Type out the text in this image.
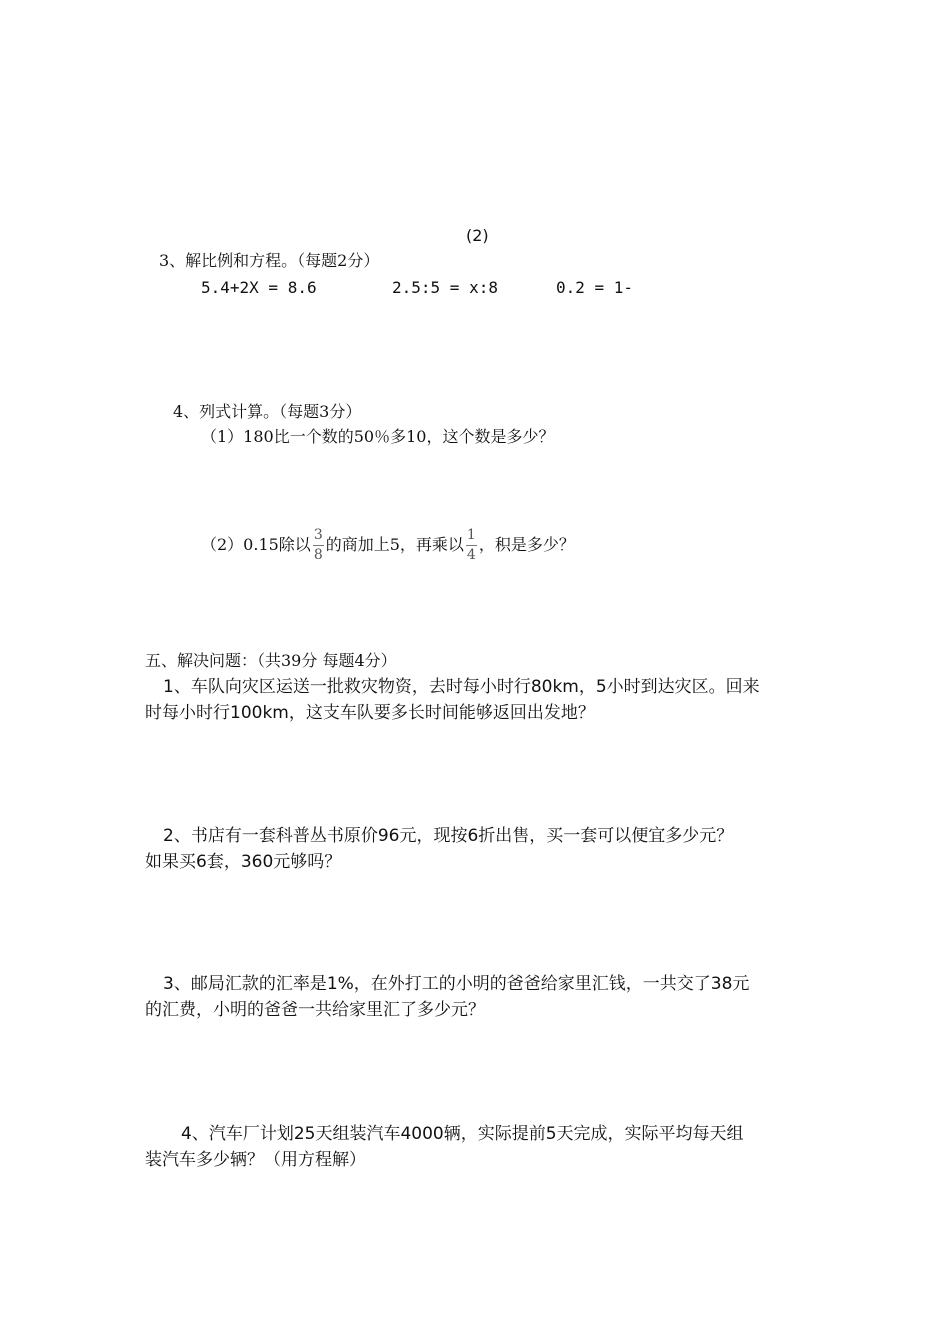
(2)
3、解比例和方程。（每题2分）
5.4+2X = 8.6	2.5:5 = x:8	0.2 = 1-
4、列式计算。（每题3分）
（1）180比一个数的50％多10，这个数是多少？
（2）0.15除以 $\frac{3}{8}$ 的商加上5，再乘以 $\frac{1}{4}$ ，积是多少？
五、解决问题：（共39分 每题4分）
1、车队向灾区运送一批救灾物资，去时每小时行80km，5小时到达灾区。回来
时每小时行100km，这支车队要多长时间能够返回出发地？
2、书店有一套科普丛书原价96元，现按6折出售，买一套可以便宜多少元？
如果买6套，360元够吗？
3、邮局汇款的汇率是1%，在外打工的小明的爸爸给家里汇钱，一共交了38元
的汇费，小明的爸爸一共给家里汇了多少元？
4、汽车厂计划25天组装汽车4000辆，实际提前5天完成，实际平均每天组
装汽车多少辆？（用方程解）
